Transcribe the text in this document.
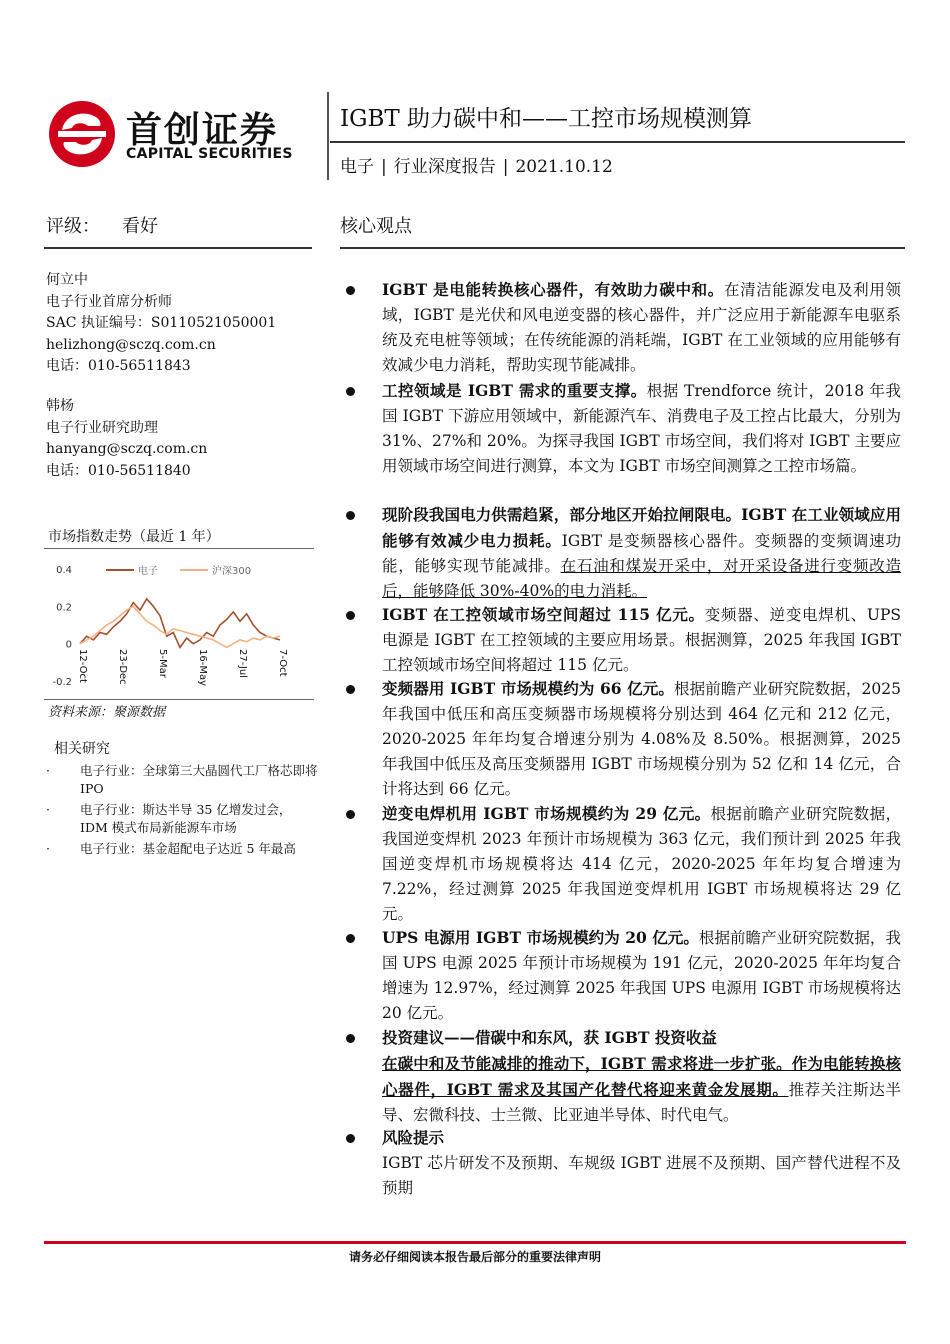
首创证券
CAPITAL SECURITIES
IGBT 助力碳中和——工控市场规模测算
电子 | 行业深度报告 | 2021.10.12
评级： 看好	核心观点
何立中
电子行业首席分析师
SAC 执证编号：S0110521050001
helizhong@sczq.com.cn
电话：010-56511843
韩杨
电子行业研究助理
hanyang@sczq.com.cn
电话：010-56511840
市场指数走势（最近 1 年）
0.4
0.2
0
-0.2
电子	沪深300
12-Oct	23-Dec	5-Mar	16-May	27-Jul	7-Oct
资料来源：聚源数据
相关研究
· 电子行业：全球第三大晶圆代工厂格芯即将 IPO
· 电子行业：斯达半导 35 亿增发过会，IDM 模式布局新能源车市场
· 电子行业：基金超配电子达近 5 年最高
IGBT 是电能转换核心器件，有效助力碳中和。在清洁能源发电及利用领域，IGBT 是光伏和风电逆变器的核心器件，并广泛应用于新能源车电驱系统及充电桩等领域；在传统能源的消耗端，IGBT 在工业领域的应用能够有效减少电力消耗，帮助实现节能减排。
工控领域是 IGBT 需求的重要支撑。根据 Trendforce 统计，2018 年我国 IGBT 下游应用领域中，新能源汽车、消费电子及工控占比最大，分别为 31%、27%和 20%。为探寻我国 IGBT 市场空间，我们将对 IGBT 主要应用领域市场空间进行测算，本文为 IGBT 市场空间测算之工控市场篇。
现阶段我国电力供需趋紧，部分地区开始拉闸限电。IGBT 在工业领域应用能够有效减少电力损耗。IGBT 是变频器核心器件。变频器的变频调速功能，能够实现节能减排。在石油和煤炭开采中，对开采设备进行变频改造后，能够降低 30%-40%的电力消耗。
IGBT 在工控领域市场空间超过 115 亿元。变频器、逆变电焊机、UPS 电源是 IGBT 在工控领域的主要应用场景。根据测算，2025 年我国 IGBT 工控领域市场空间将超过 115 亿元。
变频器用 IGBT 市场规模约为 66 亿元。根据前瞻产业研究院数据，2025 年我国中低压和高压变频器市场规模将分别达到 464 亿元和 212 亿元，2020-2025 年年均复合增速分别为 4.08%及 8.50%。根据测算，2025 年我国中低压及高压变频器用 IGBT 市场规模分别为 52 亿和 14 亿元，合计将达到 66 亿元。
逆变电焊机用 IGBT 市场规模约为 29 亿元。根据前瞻产业研究院数据，我国逆变焊机 2023 年预计市场规模为 363 亿元，我们预计到 2025 年我国逆变焊机市场规模将达 414 亿元，2020-2025 年年均复合增速为 7.22%，经过测算 2025 年我国逆变焊机用 IGBT 市场规模将达 29 亿元。
UPS 电源用 IGBT 市场规模约为 20 亿元。根据前瞻产业研究院数据，我国 UPS 电源 2025 年预计市场规模为 191 亿元，2020-2025 年年均复合增速为 12.97%，经过测算 2025 年我国 UPS 电源用 IGBT 市场规模将达 20 亿元。
投资建议——借碳中和东风，获 IGBT 投资收益
在碳中和及节能减排的推动下，IGBT 需求将进一步扩张。作为电能转换核心器件，IGBT 需求及其国产化替代将迎来黄金发展期。推荐关注斯达半导、宏微科技、士兰微、比亚迪半导体、时代电气。
风险提示
IGBT 芯片研发不及预期、车规级 IGBT 进展不及预期、国产替代进程不及预期
请务必仔细阅读本报告最后部分的重要法律声明
